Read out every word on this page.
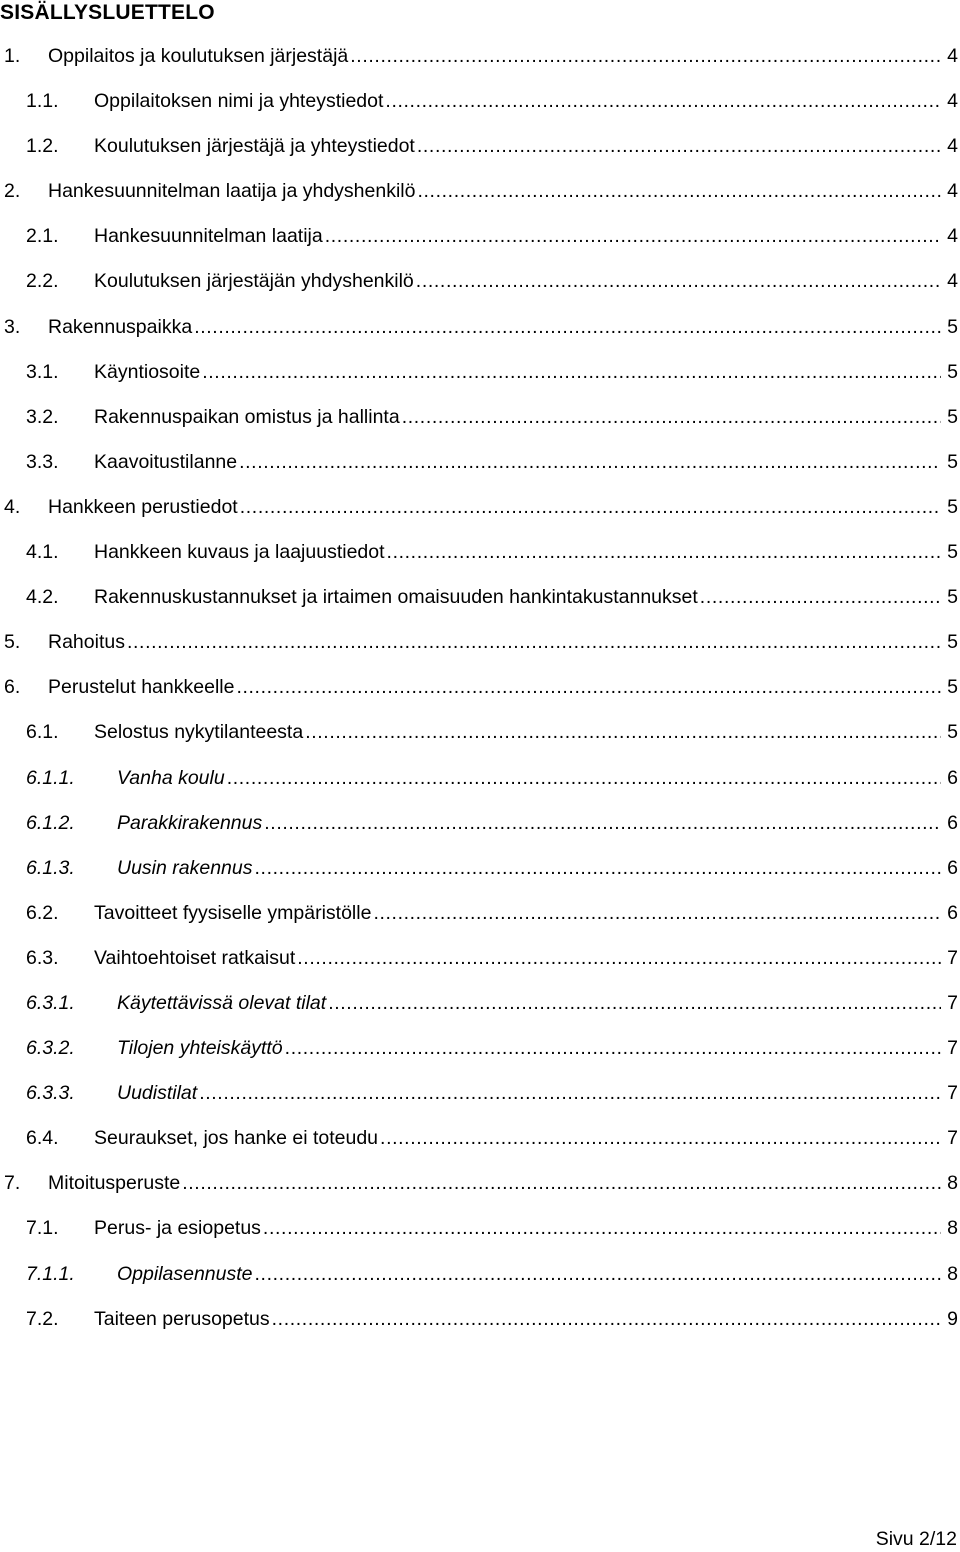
SISÄLLYSLUETTELO
1.	Oppilaitos ja koulutuksen järjestäjä . . .	4
1.1.	Oppilaitoksen nimi ja yhteystiedot . . .	4
1.2.	Koulutuksen järjestäjä ja yhteystiedot . . .	4
2.	Hankesuunnitelman laatija ja yhdyshenkilö . . .	4
2.1.	Hankesuunnitelman laatija . . .	4
2.2.	Koulutuksen järjestäjän yhdyshenkilö . . .	4
3.	Rakennuspaikka . . .	5
3.1.	Käyntiosoite . . .	5
3.2.	Rakennuspaikan omistus ja hallinta . . .	5
3.3.	Kaavoitustilanne . . .	5
4.	Hankkeen perustiedot . . .	5
4.1.	Hankkeen kuvaus ja laajuustiedot . . .	5
4.2.	Rakennuskustannukset ja irtaimen omaisuuden hankintakustannukset . . .	5
5.	Rahoitus . . .	5
6.	Perustelut hankkeelle . . .	5
6.1.	Selostus nykytilanteesta . . .	5
6.1.1.	Vanha koulu . . .	6
6.1.2.	Parakkirakennus . . .	6
6.1.3.	Uusin rakennus . . .	6
6.2.	Tavoitteet fyysiselle ympäristölle . . .	6
6.3.	Vaihtoehtoiset ratkaisut . . .	7
6.3.1.	Käytettävissä olevat tilat . . .	7
6.3.2.	Tilojen yhteiskäyttö . . .	7
6.3.3.	Uudistilat . . .	7
6.4.	Seuraukset, jos hanke ei toteudu . . .	7
7.	Mitoitusperuste . . .	8
7.1.	Perus- ja esiopetus . . .	8
7.1.1.	Oppilasennuste . . .	8
7.2.	Taiteen perusopetus . . .	9
Sivu 2/12
